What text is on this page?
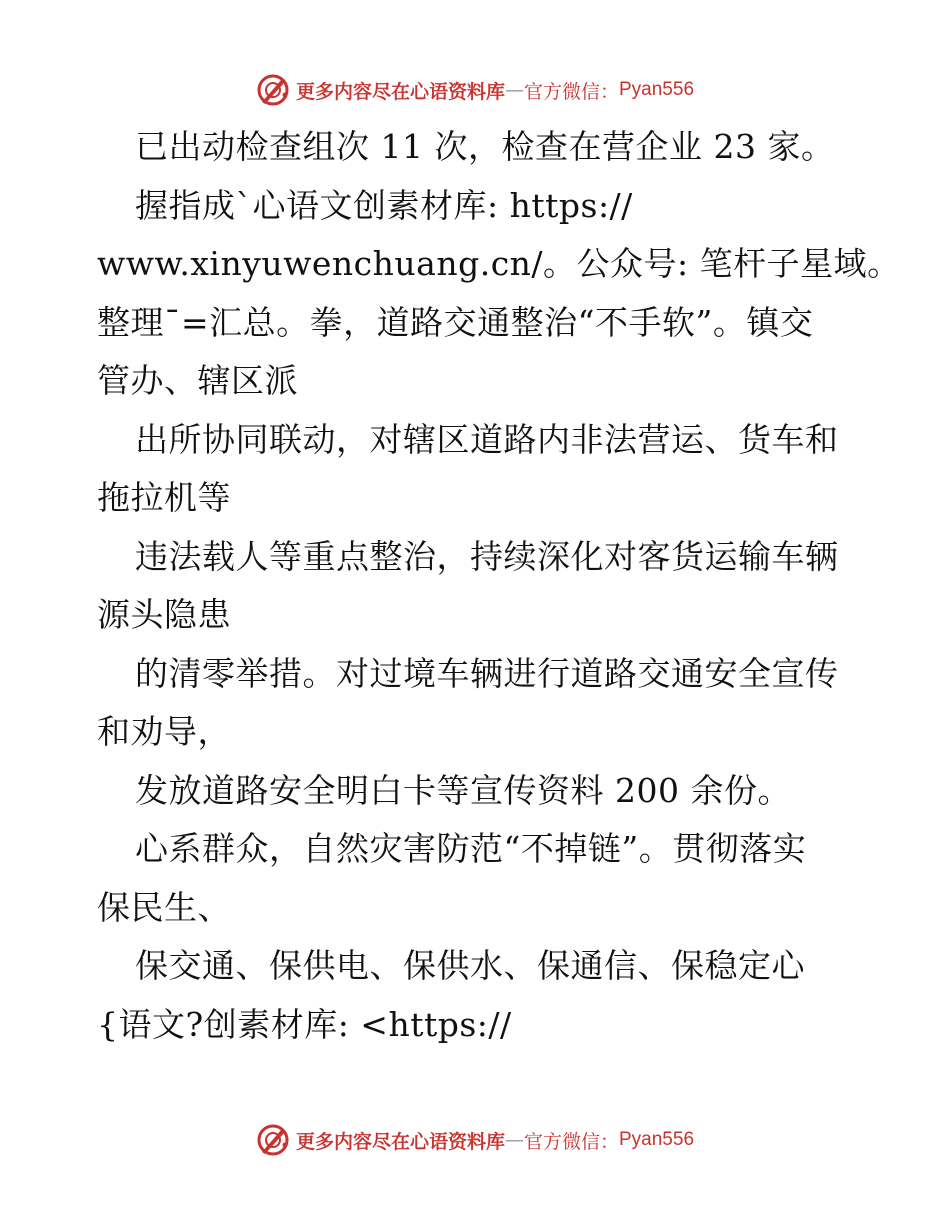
更多内容尽在心语资料库 — 官方微信： Pyan556
已出动检查组次 11 次，检查在营企业 23 家。
握指成ˋ心语文创素材库: https://
www.xinyuwenchuang.cn/。公众号: 笔杆子星域。
整理¯=汇总。拳，道路交通整治“不手软”。镇交
管办、辖区派
出所协同联动，对辖区道路内非法营运、货车和
拖拉机等
违法载人等重点整治，持续深化对客货运输车辆
源头隐患
的清零举措。对过境车辆进行道路交通安全宣传
和劝导，
发放道路安全明白卡等宣传资料 200 余份。
心系群众，自然灾害防范“不掉链”。贯彻落实
保民生、
保交通、保供电、保供水、保通信、保稳定心
{语文?创素材库: <https://
更多内容尽在心语资料库 — 官方微信： Pyan556
